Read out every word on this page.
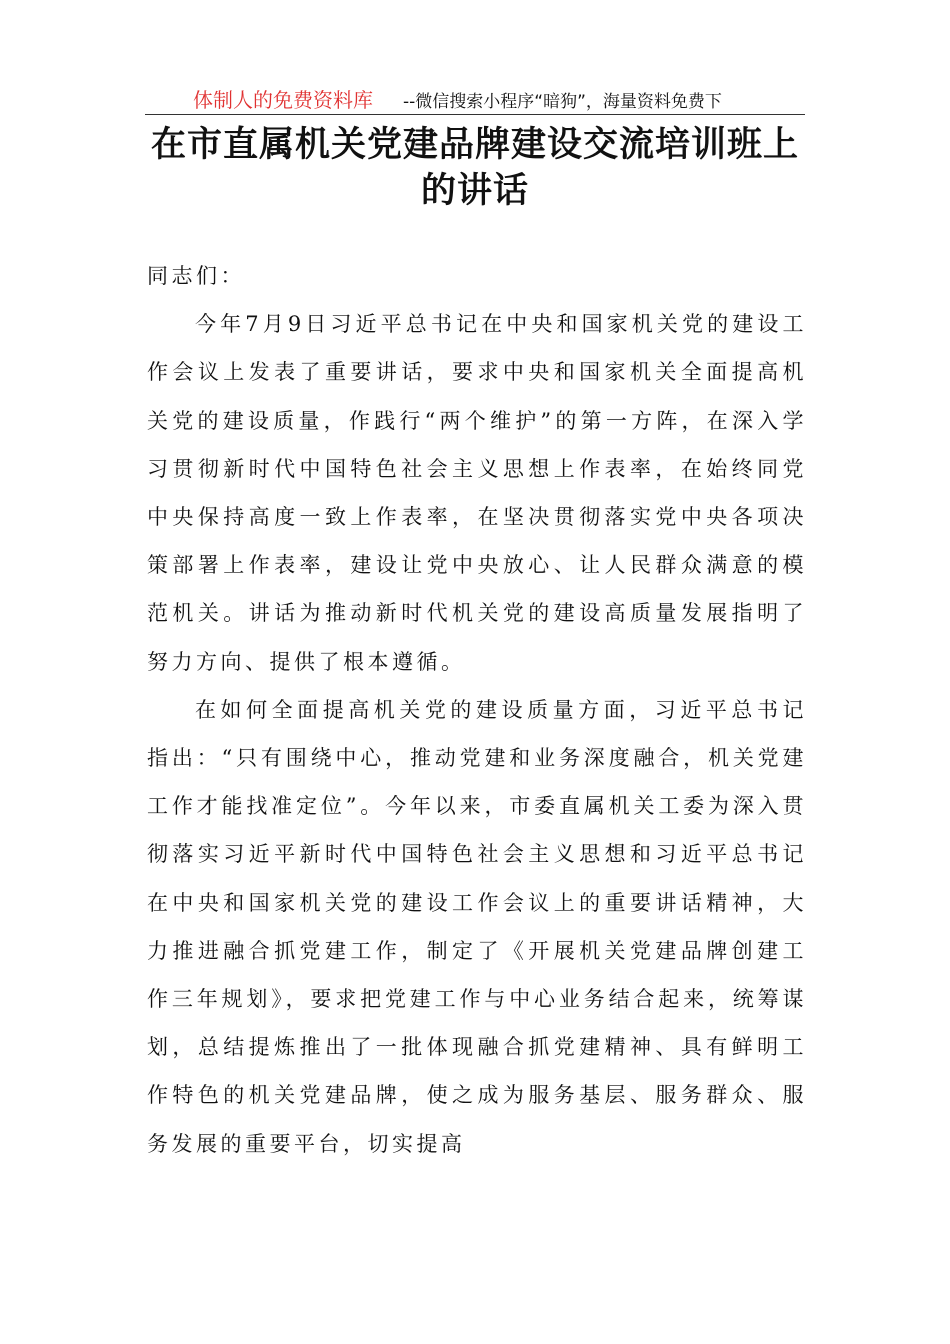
体制人的免费资料库 --微信搜索小程序“暗狗”，海量资料免费下
在市直属机关党建品牌建设交流培训班上
的讲话

同志们：

今年7月9日习近平总书记在中央和国家机关党的建设工作会议上发表了重要讲话，要求中央和国家机关全面提高机关党的建设质量，作践行“两个维护”的第一方阵，在深入学习贯彻新时代中国特色社会主义思想上作表率，在始终同党中央保持高度一致上作表率，在坚决贯彻落实党中央各项决策部署上作表率，建设让党中央放心、让人民群众满意的模范机关。讲话为推动新时代机关党的建设高质量发展指明了努力方向、提供了根本遵循。

在如何全面提高机关党的建设质量方面，习近平总书记指出：“只有围绕中心，推动党建和业务深度融合，机关党建工作才能找准定位”。今年以来，市委直属机关工委为深入贯彻落实习近平新时代中国特色社会主义思想和习近平总书记在中央和国家机关党的建设工作会议上的重要讲话精神，大力推进融合抓党建工作，制定了《开展机关党建品牌创建工作三年规划》，要求把党建工作与中心业务结合起来，统筹谋划，总结提炼推出了一批体现融合抓党建精神、具有鲜明工作特色的机关党建品牌，使之成为服务基层、服务群众、服务发展的重要平台，切实提高
